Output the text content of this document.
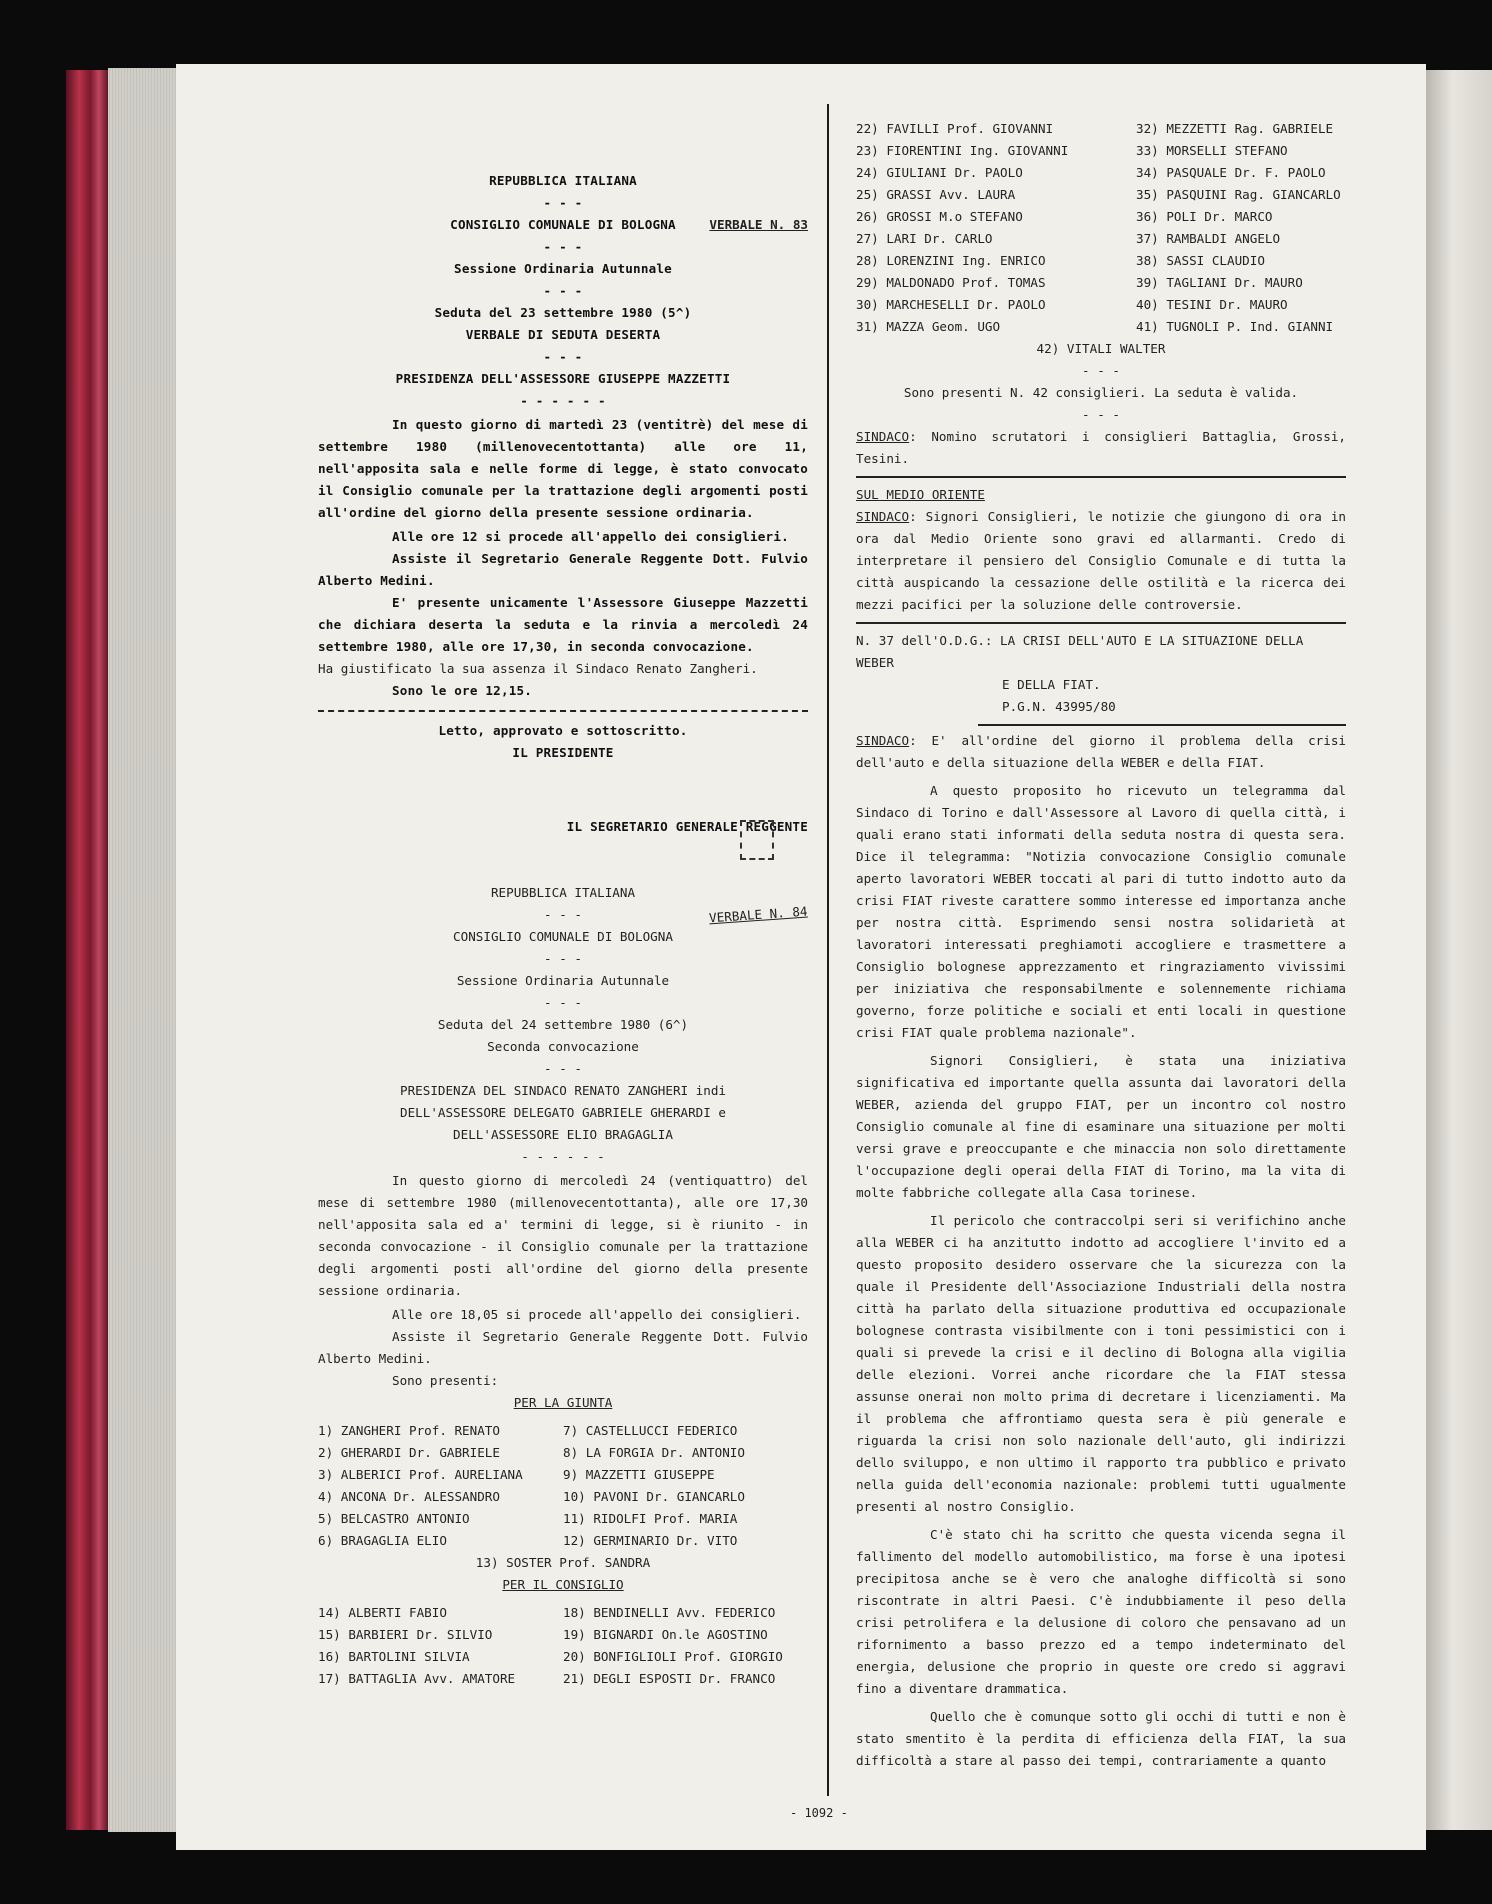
REPUBBLICA ITALIANA
- - -
VERBALE N. 83
CONSIGLIO COMUNALE DI BOLOGNA
- - -
Sessione Ordinaria Autunnale
- - -
Seduta del 23 settembre 1980 (5^)
VERBALE DI SEDUTA DESERTA
- - -
PRESIDENZA DELL'ASSESSORE GIUSEPPE MAZZETTI
- - - - - -

In questo giorno di martedì 23 (ventitrè) del mese di settembre 1980 (millenovecentottanta) alle ore 11, nell'apposita sala e nelle forme di legge, è stato convocato il Consiglio comunale per la trattazione degli argomenti posti all'ordine del giorno della presente sessione ordinaria.

Alle ore 12 si procede all'appello dei consiglieri.

Assiste il Segretario Generale Reggente Dott. Fulvio Alberto Medini.

E' presente unicamente l'Assessore Giuseppe Mazzetti che dichiara deserta la seduta e la rinvia a mercoledì 24 settembre 1980, alle ore 17,30, in seconda convocazione.

Ha giustificato la sua assenza il Sindaco Renato Zangheri.

Sono le ore 12,15.

Letto, approvato e sottoscritto.
IL PRESIDENTE
IL SEGRETARIO GENERALE REGGENTE
REPUBBLICA ITALIANA
VERBALE N. 84
- - -
CONSIGLIO COMUNALE DI BOLOGNA
- - -
Sessione Ordinaria Autunnale
- - -
Seduta del 24 settembre 1980 (6^)
Seconda convocazione
- - -
PRESIDENZA DEL SINDACO RENATO ZANGHERI indi
DELL'ASSESSORE DELEGATO GABRIELE GHERARDI e
DELL'ASSESSORE ELIO BRAGAGLIA
- - - - - -

In questo giorno di mercoledì 24 (ventiquattro) del mese di settembre 1980 (millenovecentottanta), alle ore 17,30 nell'apposita sala ed a' termini di legge, si è riunito - in seconda convocazione - il Consiglio comunale per la trattazione degli argomenti posti all'ordine del giorno della presente sessione ordinaria.

Alle ore 18,05 si procede all'appello dei consiglieri.

Assiste il Segretario Generale Reggente Dott. Fulvio Alberto Medini.

Sono presenti:

PER LA GIUNTA
1) ZANGHERI Prof. RENATO	7) CASTELLUCCI FEDERICO
2) GHERARDI Dr. GABRIELE	8) LA FORGIA Dr. ANTONIO
3) ALBERICI Prof. AURELIANA	9) MAZZETTI GIUSEPPE
4) ANCONA Dr. ALESSANDRO	10) PAVONI Dr. GIANCARLO
5) BELCASTRO ANTONIO	11) RIDOLFI Prof. MARIA
6) BRAGAGLIA ELIO	12) GERMINARIO Dr. VITO
13) SOSTER Prof. SANDRA
PER IL CONSIGLIO
14) ALBERTI FABIO	18) BENDINELLI Avv. FEDERICO
15) BARBIERI Dr. SILVIO	19) BIGNARDI On.le AGOSTINO
16) BARTOLINI SILVIA	20) BONFIGLIOLI Prof. GIORGIO
17) BATTAGLIA Avv. AMATORE	21) DEGLI ESPOSTI Dr. FRANCO
22) FAVILLI Prof. GIOVANNI	32) MEZZETTI Rag. GABRIELE
23) FIORENTINI Ing. GIOVANNI	33) MORSELLI STEFANO
24) GIULIANI Dr. PAOLO	34) PASQUALE Dr. F. PAOLO
25) GRASSI Avv. LAURA	35) PASQUINI Rag. GIANCARLO
26) GROSSI M.o STEFANO	36) POLI Dr. MARCO
27) LARI Dr. CARLO	37) RAMBALDI ANGELO
28) LORENZINI Ing. ENRICO	38) SASSI CLAUDIO
29) MALDONADO Prof. TOMAS	39) TAGLIANI Dr. MAURO
30) MARCHESELLI Dr. PAOLO	40) TESINI Dr. MAURO
31) MAZZA Geom. UGO	41) TUGNOLI P. Ind. GIANNI
42) VITALI WALTER
- - -
Sono presenti N. 42 consiglieri. La seduta è valida.
- - -

SINDACO: Nomino scrutatori i consiglieri Battaglia, Grossi, Tesini.

SUL MEDIO ORIENTE

SINDACO: Signori Consiglieri, le notizie che giungono di ora in ora dal Medio Oriente sono gravi ed allarmanti. Credo di interpretare il pensiero del Consiglio Comunale e di tutta la città auspicando la cessazione delle ostilità e la ricerca dei mezzi pacifici per la soluzione delle controversie.

N. 37 dell'O.D.G.: LA CRISI DELL'AUTO E LA SITUAZIONE DELLA WEBER
E DELLA FIAT.
P.G.N. 43995/80

SINDACO: E' all'ordine del giorno il problema della crisi dell'auto e della situazione della WEBER e della FIAT.

A questo proposito ho ricevuto un telegramma dal Sindaco di Torino e dall'Assessore al Lavoro di quella città, i quali erano stati informati della seduta nostra di questa sera. Dice il telegramma: "Notizia convocazione Consiglio comunale aperto lavoratori WEBER toccati al pari di tutto indotto auto da crisi FIAT riveste carattere sommo interesse ed importanza anche per nostra città. Esprimendo sensi nostra solidarietà at lavoratori interessati preghiamoti accogliere e trasmettere a Consiglio bolognese apprezzamento et ringraziamento vivissimi per iniziativa che responsabilmente e solennemente richiama governo, forze politiche e sociali et enti locali in questione crisi FIAT quale problema nazionale".

Signori Consiglieri, è stata una iniziativa significativa ed importante quella assunta dai lavoratori della WEBER, azienda del gruppo FIAT, per un incontro col nostro Consiglio comunale al fine di esaminare una situazione per molti versi grave e preoccupante e che minaccia non solo direttamente l'occupazione degli operai della FIAT di Torino, ma la vita di molte fabbriche collegate alla Casa torinese.

Il pericolo che contraccolpi seri si verifichino anche alla WEBER ci ha anzitutto indotto ad accogliere l'invito ed a questo proposito desidero osservare che la sicurezza con la quale il Presidente dell'Associazione Industriali della nostra città ha parlato della situazione produttiva ed occupazionale bolognese contrasta visibilmente con i toni pessimistici con i quali si prevede la crisi e il declino di Bologna alla vigilia delle elezioni. Vorrei anche ricordare che la FIAT stessa assunse onerai non molto prima di decretare i licenziamenti. Ma il problema che affrontiamo questa sera è più generale e riguarda la crisi non solo nazionale dell'auto, gli indirizzi dello sviluppo, e non ultimo il rapporto tra pubblico e privato nella guida dell'economia nazionale: problemi tutti ugualmente presenti al nostro Consiglio.

C'è stato chi ha scritto che questa vicenda segna il fallimento del modello automobilistico, ma forse è una ipotesi precipitosa anche se è vero che analoghe difficoltà si sono riscontrate in altri Paesi. C'è indubbiamente il peso della crisi petrolifera e la delusione di coloro che pensavano ad un rifornimento a basso prezzo ed a tempo indeterminato del energia, delusione che proprio in queste ore credo si aggravi fino a diventare drammatica.

Quello che è comunque sotto gli occhi di tutti e non è stato smentito è la perdita di efficienza della FIAT, la sua difficoltà a stare al passo dei tempi, contrariamente a quanto

- 1092 -
